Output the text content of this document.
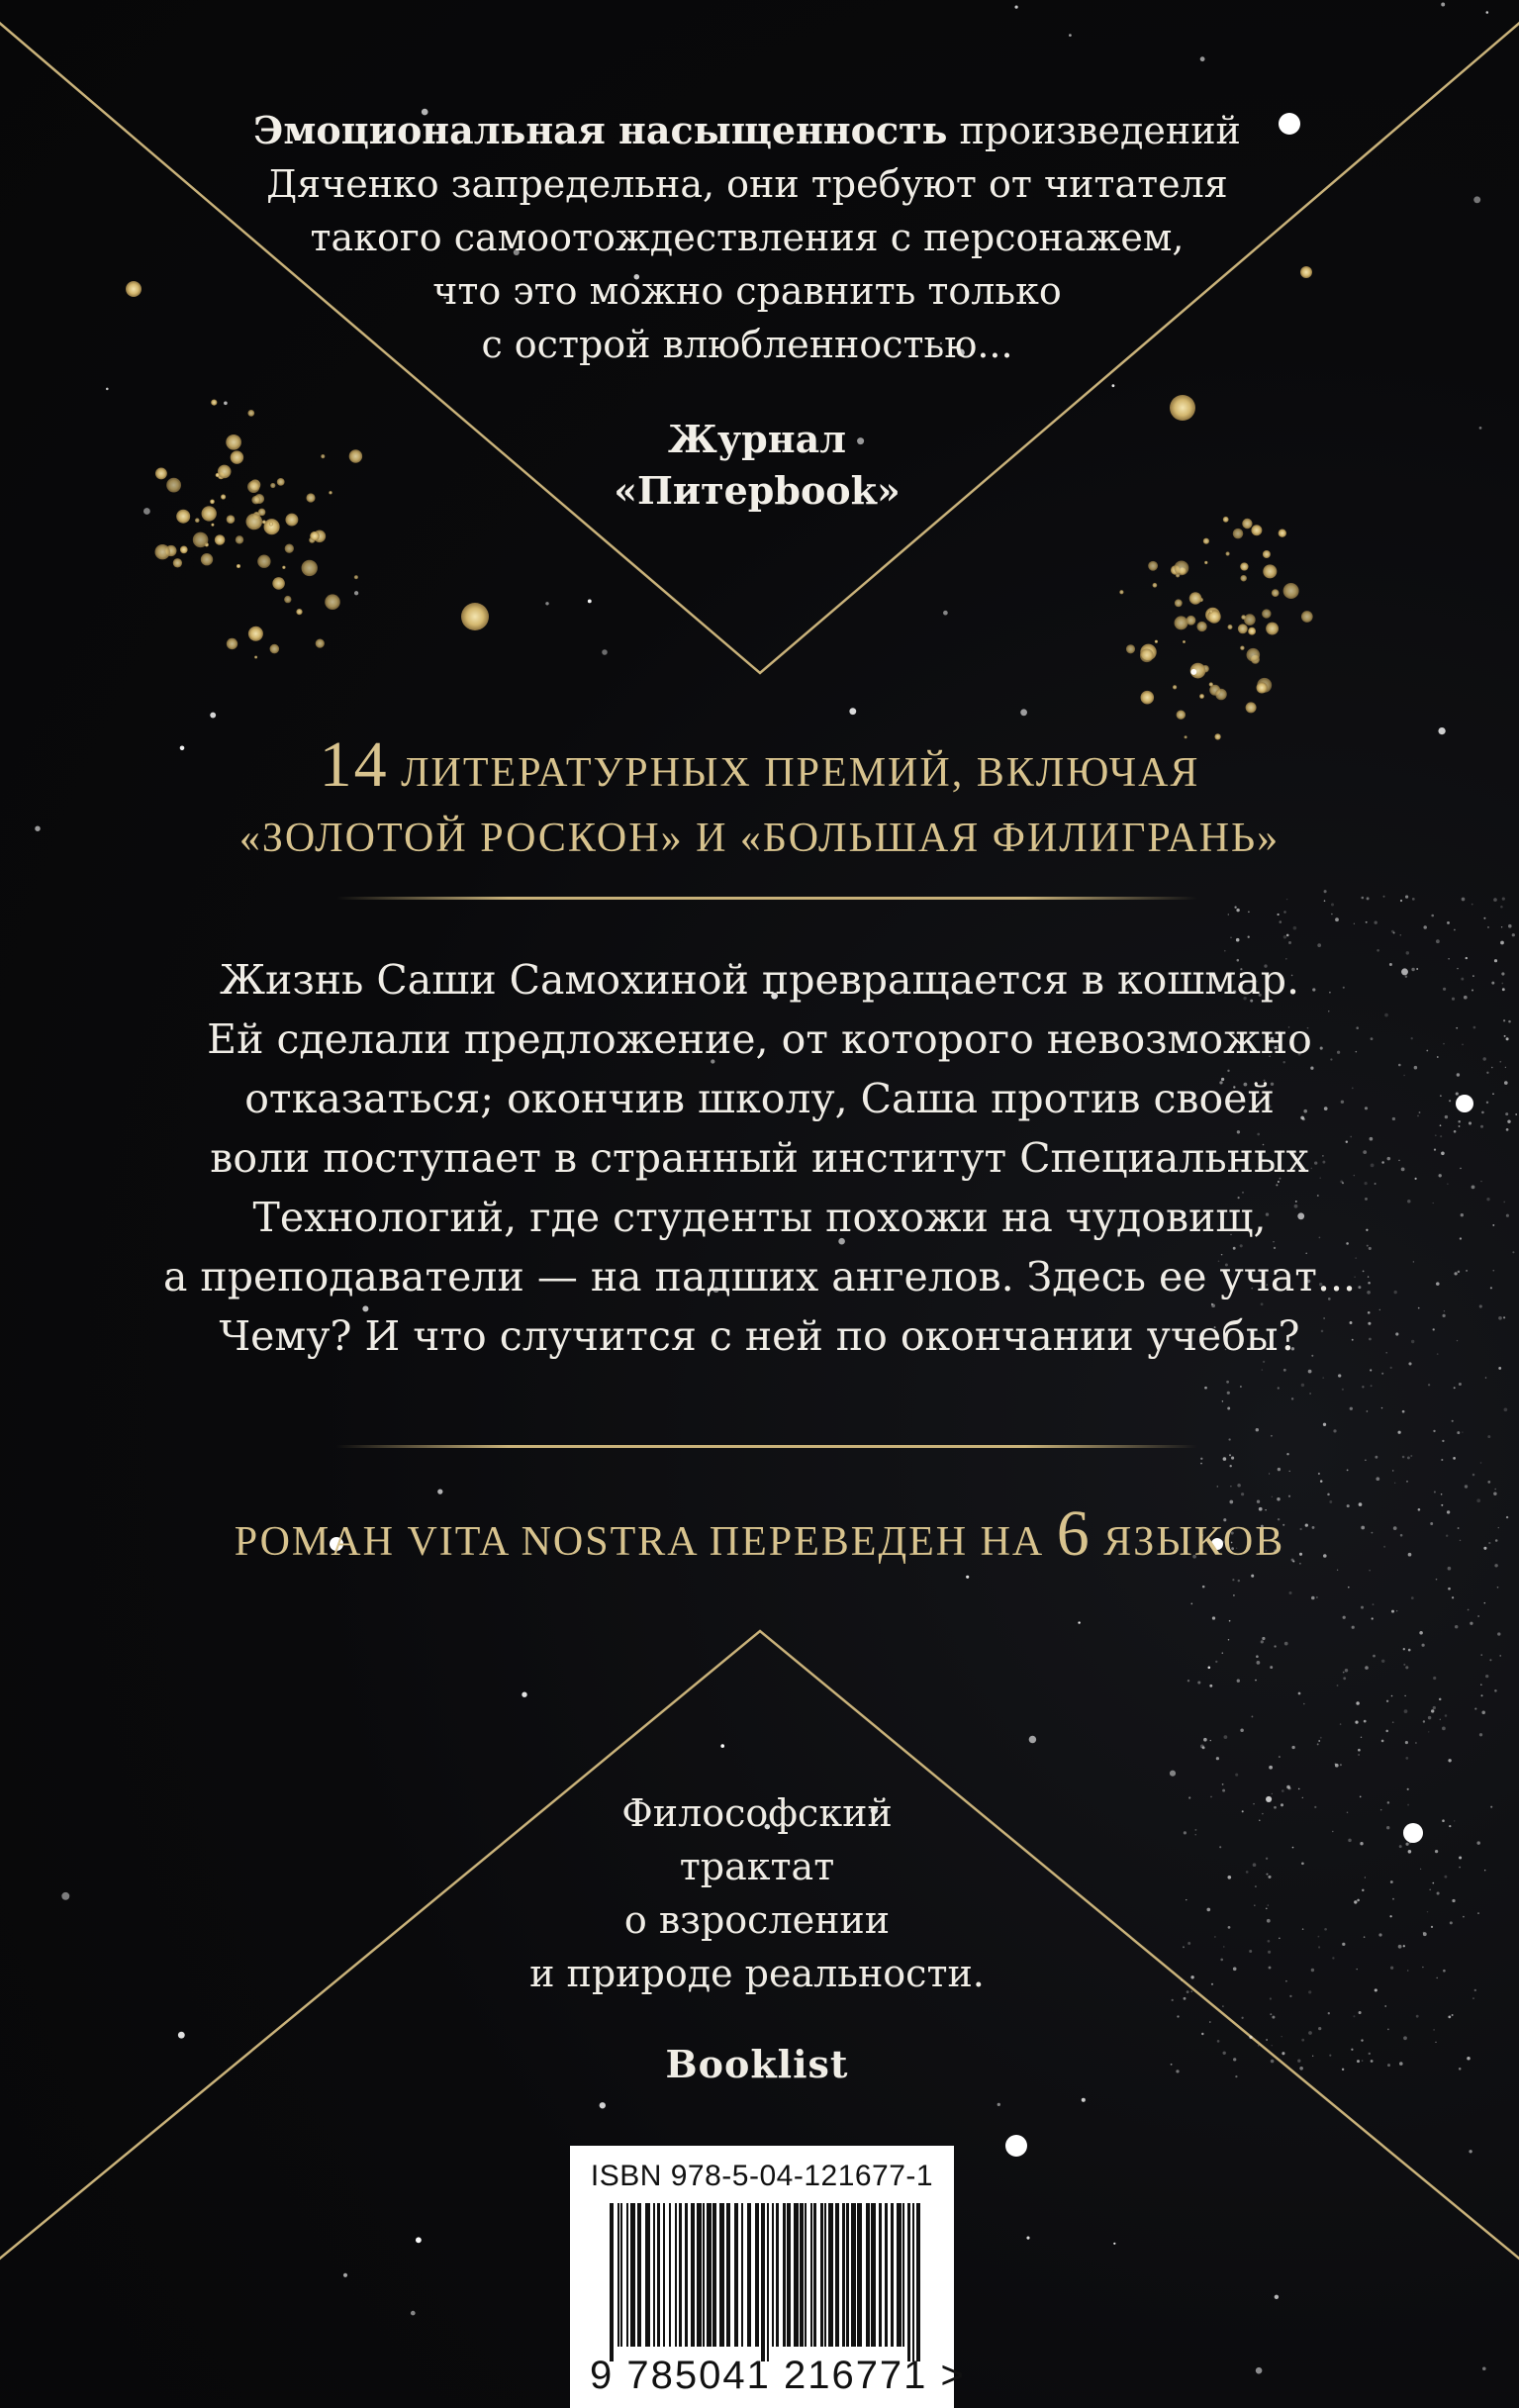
Эмоциональная насыщенность произведений
Дяченко запредельна, они требуют от читателя
такого самоотождествления с персонажем,
что это можно сравнить только
с острой влюбленностью...
Журнал
«Питерbook»
14 ЛИТЕРАТУРНЫХ ПРЕМИЙ, ВКЛЮЧАЯ
«ЗОЛОТОЙ РОСКОН» И «БОЛЬШАЯ ФИЛИГРАНЬ»
Жизнь Саши Самохиной превращается в кошмар.
Ей сделали предложение, от которого невозможно
отказаться; окончив школу, Саша против своей
воли поступает в странный институт Специальных
Технологий, где студенты похожи на чудовищ,
а преподаватели — на падших ангелов. Здесь ее учат...
Чему? И что случится с ней по окончании учебы?
РОМАН VITA NOSTRA ПЕРЕВЕДЕН НА 6 ЯЗЫКОВ
Философский
трактат
о взрослении
и природе реальности.
Booklist
ISBN 978-5-04-121677-1
9 785041 216771 >
